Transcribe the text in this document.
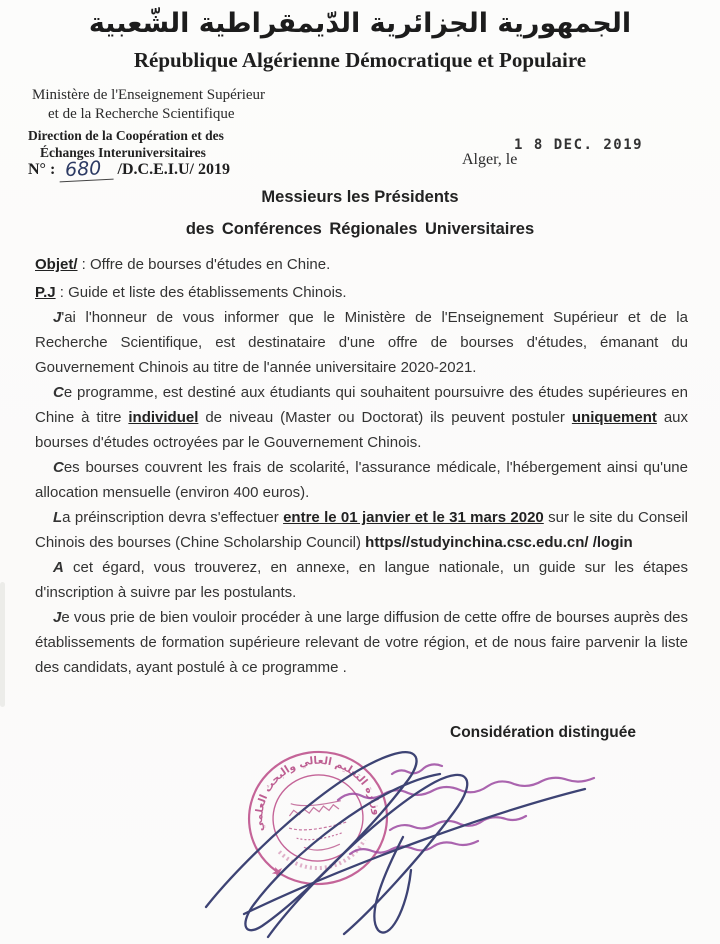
الجمهورية الجزائرية الدّيمقراطية الشّعبية
République Algérienne Démocratique et Populaire
Ministère de l'Enseignement Supérieur
et de la Recherche Scientifique
Direction de la Coopération et des
Échanges Interuniversitaires
N° : 680 /D.C.E.I.U/ 2019
Alger, le
1 8 DEC. 2019
Messieurs les Présidents
des Conférences Régionales Universitaires
Objet/ : Offre de bourses d'études en Chine.
P.J : Guide et liste des établissements Chinois.

J'ai l'honneur de vous informer que le Ministère de l'Enseignement Supérieur et de la Recherche Scientifique, est destinataire d'une offre de bourses d'études, émanant du Gouvernement Chinois au titre de l'année universitaire 2020-2021.

Ce programme, est destiné aux étudiants qui souhaitent poursuivre des études supérieures en Chine à titre individuel de niveau (Master ou Doctorat) ils peuvent postuler uniquement aux bourses d'études octroyées par le Gouvernement Chinois.

Ces bourses couvrent les frais de scolarité, l'assurance médicale, l'hébergement ainsi qu'une allocation mensuelle (environ 400 euros).

La préinscription devra s'effectuer entre le 01 janvier et le 31 mars 2020 sur le site du Conseil Chinois des bourses (Chine Scholarship Council) https//studyinchina.csc.edu.cn/ /login

A cet égard, vous trouverez, en annexe, en langue nationale, un guide sur les étapes d'inscription à suivre par les postulants.

Je vous prie de bien vouloir procéder à une large diffusion de cette offre de bourses auprès des établissements de formation supérieure relevant de votre région, et de nous faire parvenir la liste des candidats, ayant postulé à ce programme .

Considération distinguée
وزارة التعليم العالي والبحث العلمي
★
